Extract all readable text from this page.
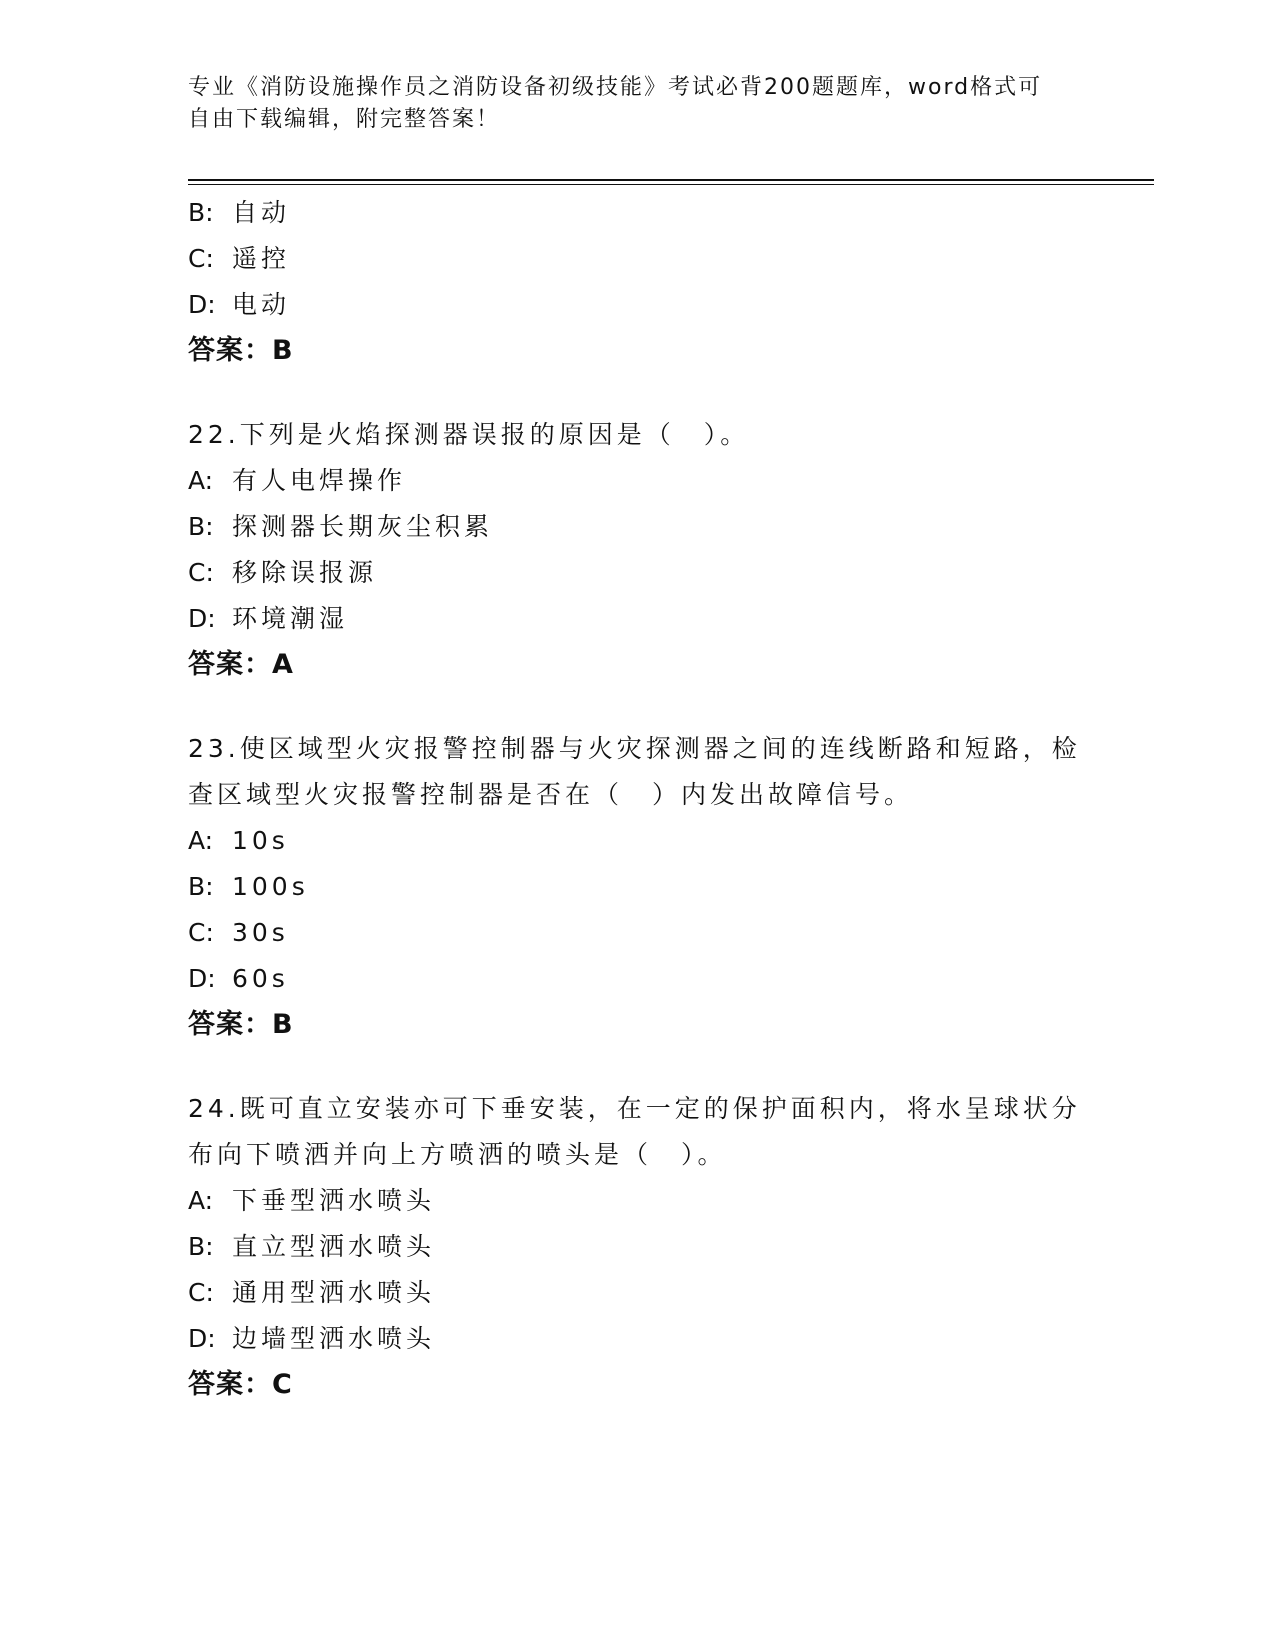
专业《消防设施操作员之消防设备初级技能》考试必背200题题库，word格式可
自由下载编辑，附完整答案！
B: 自动
C: 遥控
D: 电动
答案：B
22.下列是火焰探测器误报的原因是（　）。
A: 有人电焊操作
B: 探测器长期灰尘积累
C: 移除误报源
D: 环境潮湿
答案：A
23.使区域型火灾报警控制器与火灾探测器之间的连线断路和短路，检
查区域型火灾报警控制器是否在（　）内发出故障信号。
A: 10s
B: 100s
C: 30s
D: 60s
答案：B
24.既可直立安装亦可下垂安装，在一定的保护面积内，将水呈球状分
布向下喷洒并向上方喷洒的喷头是（　）。
A: 下垂型洒水喷头
B: 直立型洒水喷头
C: 通用型洒水喷头
D: 边墙型洒水喷头
答案：C
